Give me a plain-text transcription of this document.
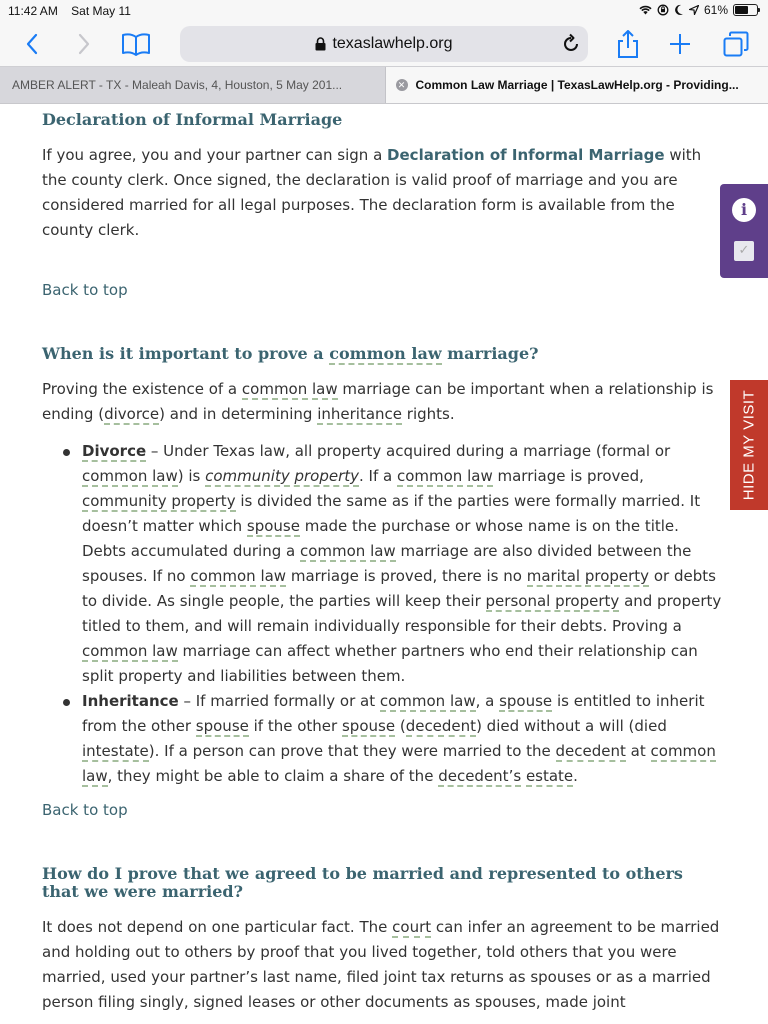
11:42 AM Sat May 11	61%
texaslawhelp.org
AMBER ALERT - TX - Maleah Davis, 4, Houston, 5 May 201...	✕ Common Law Marriage | TexasLawHelp.org - Providing...
Declaration of Informal Marriage

If you agree, you and your partner can sign a Declaration of Informal Marriage with the county clerk. Once signed, the declaration is valid proof of marriage and you are considered married for all legal purposes. The declaration form is available from the county clerk.

Back to top
When is it important to prove a common law marriage?

Proving the existence of a common law marriage can be important when a relationship is ending (divorce) and in determining inheritance rights.

Divorce – Under Texas law, all property acquired during a marriage (formal or common law) is community property. If a common law marriage is proved, community property is divided the same as if the parties were formally married. It doesn’t matter which spouse made the purchase or whose name is on the title. Debts accumulated during a common law marriage are also divided between the spouses. If no common law marriage is proved, there is no marital property or debts to divide. As single people, the parties will keep their personal property and property titled to them, and will remain individually responsible for their debts. Proving a common law marriage can affect whether partners who end their relationship can split property and liabilities between them.
Inheritance – If married formally or at common law, a spouse is entitled to inherit from the other spouse if the other spouse (decedent) died without a will (died intestate). If a person can prove that they were married to the decedent at common law, they might be able to claim a share of the decedent’s estate.
Back to top
How do I prove that we agreed to be married and represented to others that we were married?

It does not depend on one particular fact. The court can infer an agreement to be married and holding out to others by proof that you lived together, told others that you were married, used your partner’s last name, filed joint tax returns as spouses or as a married person filing singly, signed leases or other documents as spouses, made joint

i
✓
HIDE MY VISIT
